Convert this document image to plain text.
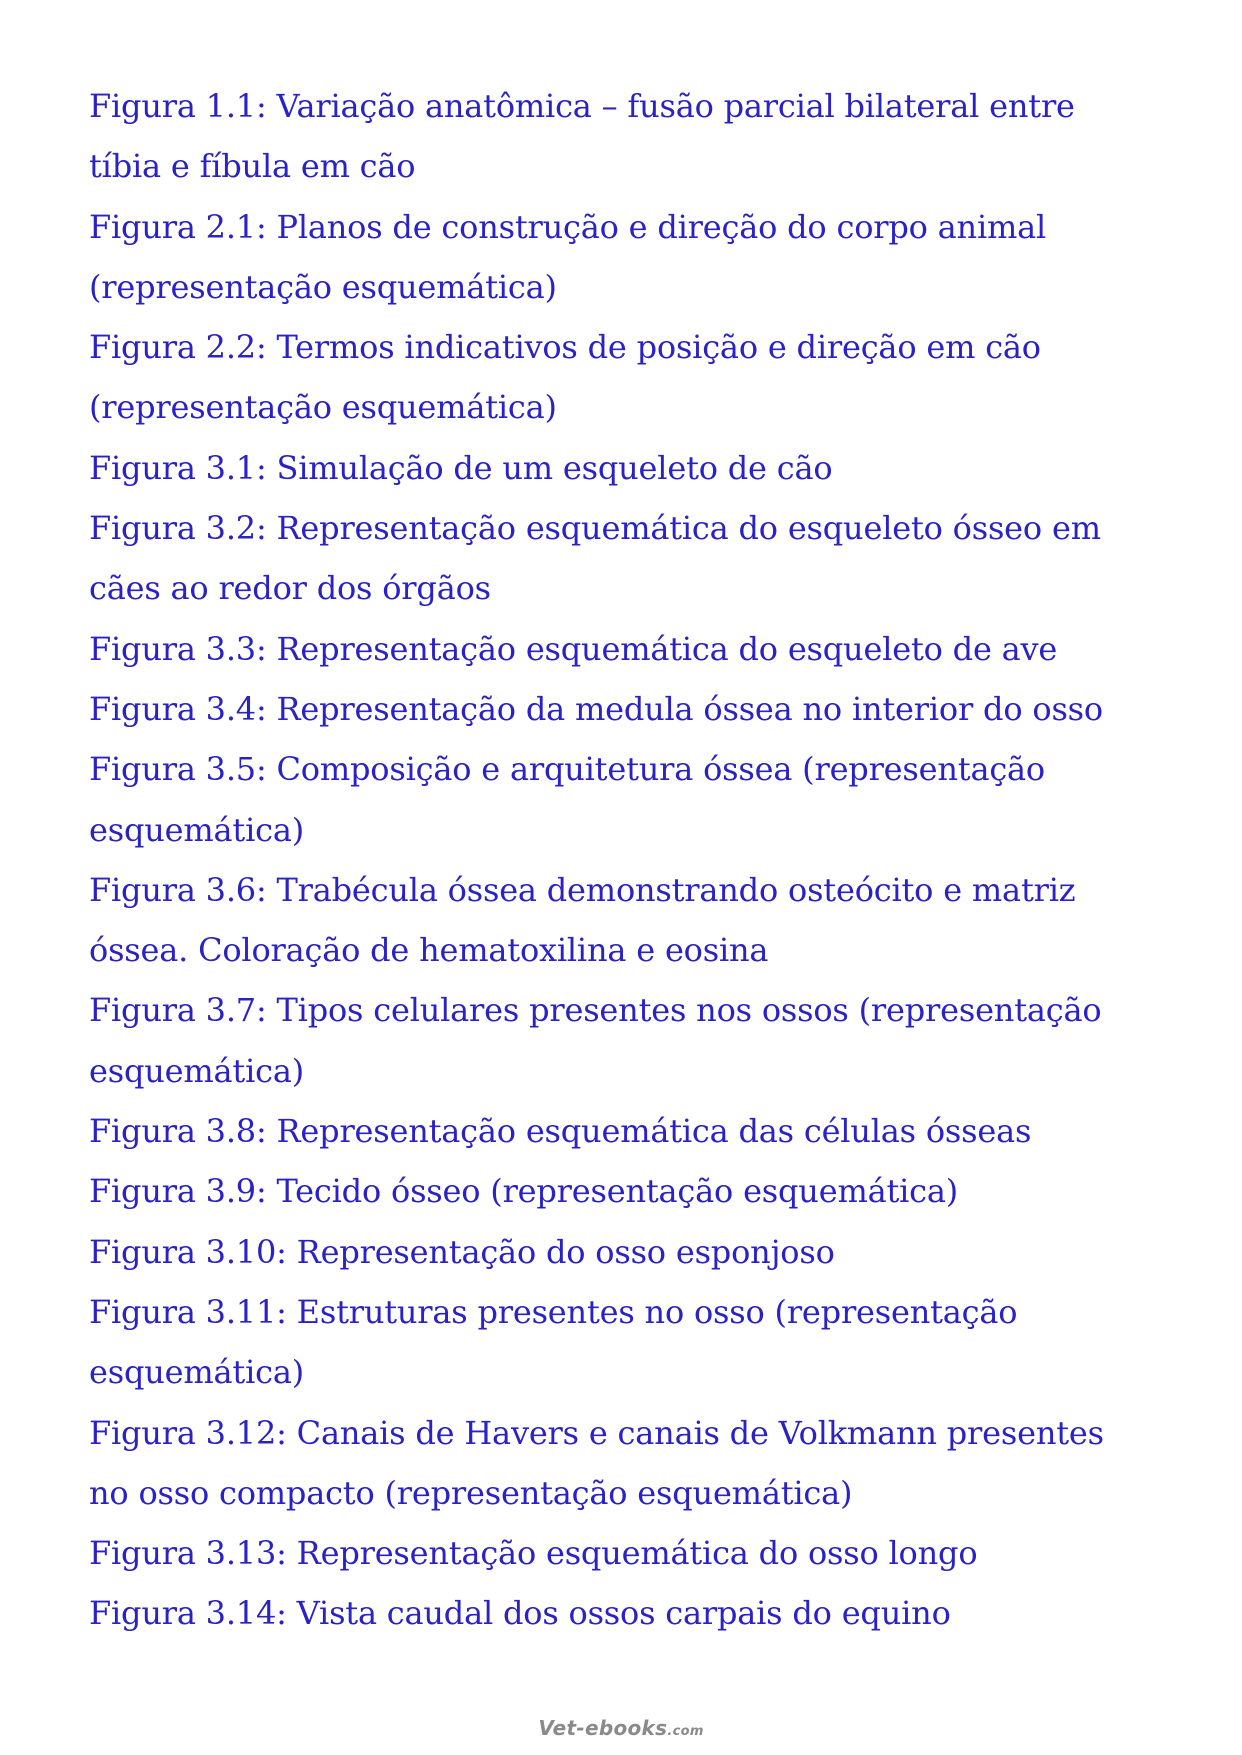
Figura 1.1: Variação anatômica – fusão parcial bilateral entre
tíbia e fíbula em cão
Figura 2.1: Planos de construção e direção do corpo animal
(representação esquemática)
Figura 2.2: Termos indicativos de posição e direção em cão
(representação esquemática)
Figura 3.1: Simulação de um esqueleto de cão
Figura 3.2: Representação esquemática do esqueleto ósseo em
cães ao redor dos órgãos
Figura 3.3: Representação esquemática do esqueleto de ave
Figura 3.4: Representação da medula óssea no interior do osso
Figura 3.5: Composição e arquitetura óssea (representação
esquemática)
Figura 3.6: Trabécula óssea demonstrando osteócito e matriz
óssea. Coloração de hematoxilina e eosina
Figura 3.7: Tipos celulares presentes nos ossos (representação
esquemática)
Figura 3.8: Representação esquemática das células ósseas
Figura 3.9: Tecido ósseo (representação esquemática)
Figura 3.10: Representação do osso esponjoso
Figura 3.11: Estruturas presentes no osso (representação
esquemática)
Figura 3.12: Canais de Havers e canais de Volkmann presentes
no osso compacto (representação esquemática)
Figura 3.13: Representação esquemática do osso longo
Figura 3.14: Vista caudal dos ossos carpais do equino
Vet-ebooks.com
